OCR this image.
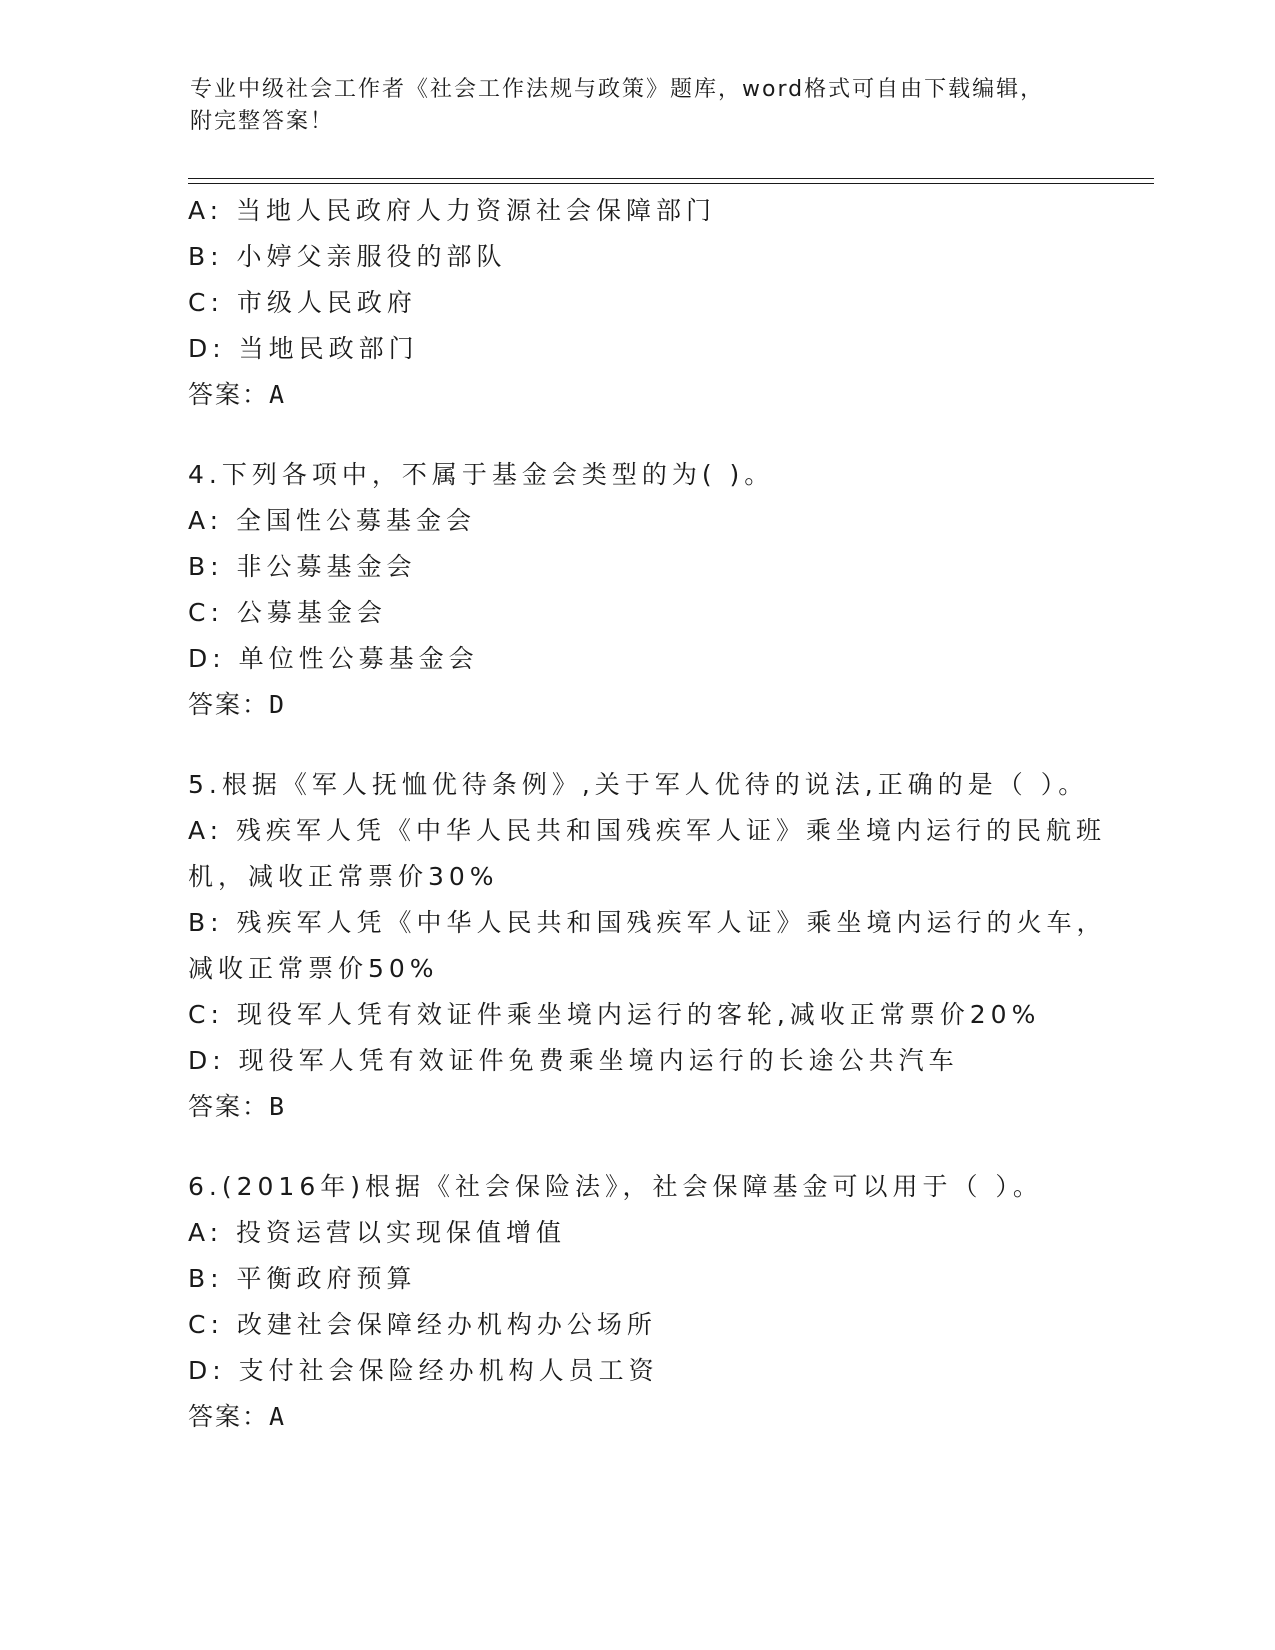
专业中级社会工作者《社会工作法规与政策》题库，word格式可自由下载编辑，
附完整答案！
A: 当地人民政府人力资源社会保障部门
B: 小婷父亲服役的部队
C: 市级人民政府
D: 当地民政部门
答案：A
4.下列各项中，不属于基金会类型的为( )。
A: 全国性公募基金会
B: 非公募基金会
C: 公募基金会
D: 单位性公募基金会
答案：D
5.根据《军人抚恤优待条例》,关于军人优待的说法,正确的是（ ）。
A: 残疾军人凭《中华人民共和国残疾军人证》乘坐境内运行的民航班
机，减收正常票价30%
B: 残疾军人凭《中华人民共和国残疾军人证》乘坐境内运行的火车，
减收正常票价50%
C: 现役军人凭有效证件乘坐境内运行的客轮,减收正常票价20%
D: 现役军人凭有效证件免费乘坐境内运行的长途公共汽车
答案：B
6.(2016年)根据《社会保险法》，社会保障基金可以用于（ ）。
A: 投资运营以实现保值增值
B: 平衡政府预算
C: 改建社会保障经办机构办公场所
D: 支付社会保险经办机构人员工资
答案：A
